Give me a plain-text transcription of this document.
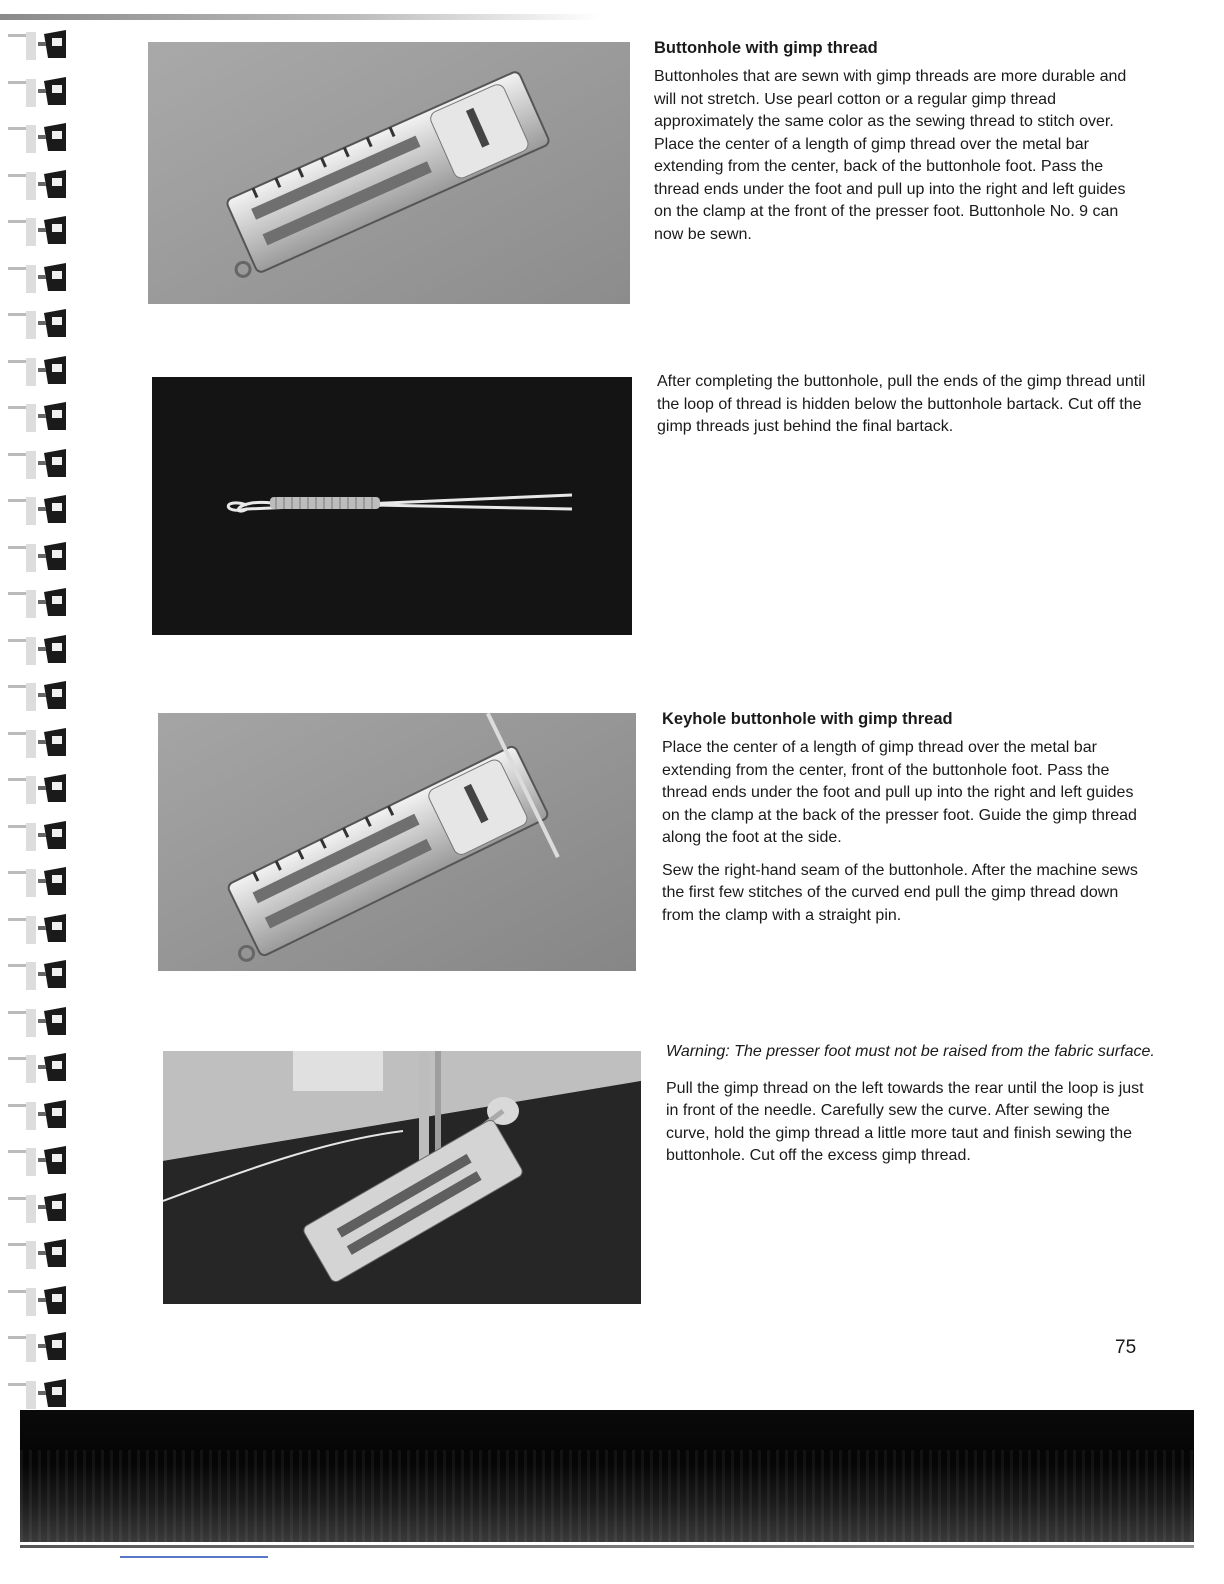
Buttonhole with gimp thread

Buttonholes that are sewn with gimp threads are more durable and will not stretch. Use pearl cotton or a regular gimp thread approximately the same color as the sewing thread to stitch over. Place the center of a length of gimp thread over the metal bar extending from the center, back of the buttonhole foot. Pass the thread ends under the foot and pull up into the right and left guides on the clamp at the front of the presser foot. Buttonhole No. 9 can now be sewn.

After completing the buttonhole, pull the ends of the gimp thread until the loop of thread is hidden below the buttonhole bartack. Cut off the gimp threads just behind the final bartack.

Keyhole buttonhole with gimp thread

Place the center of a length of gimp thread over the metal bar extending from the center, front of the buttonhole foot. Pass the thread ends under the foot and pull up into the right and left guides on the clamp at the back of the presser foot. Guide the gimp thread along the foot at the side.

Sew the right-hand seam of the buttonhole. After the machine sews the first few stitches of the curved end pull the gimp thread down from the clamp with a straight pin.

Warning: The presser foot must not be raised from the fabric surface.

Pull the gimp thread on the left towards the rear until the loop is just in front of the needle. Carefully sew the curve. After sewing the curve, hold the gimp thread a little more taut and finish sewing the buttonhole. Cut off the excess gimp thread.

75
